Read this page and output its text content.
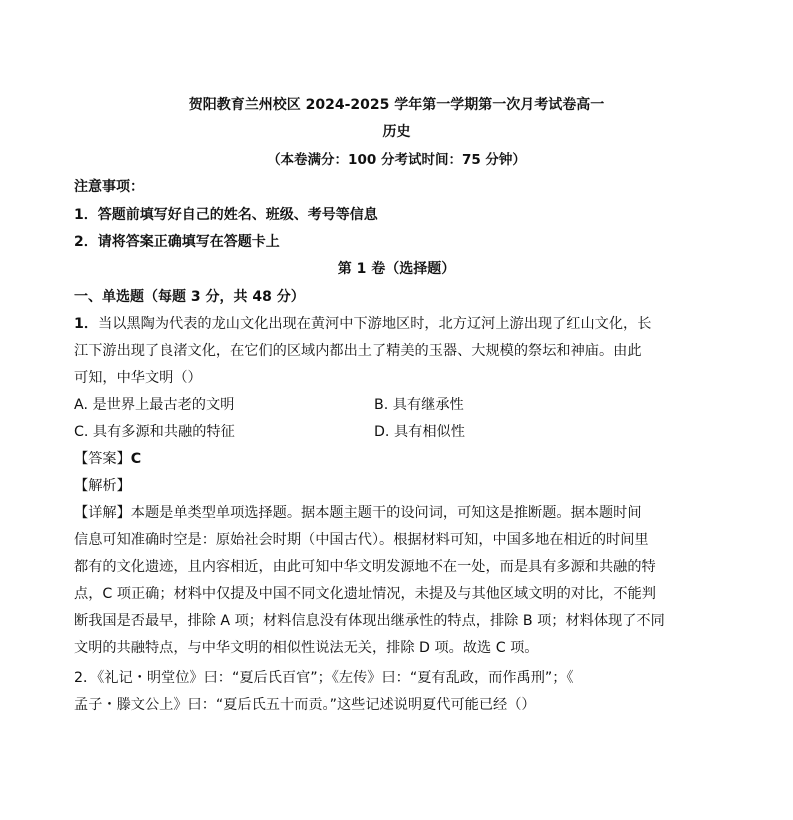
贺阳教育兰州校区 2024-2025 学年第一学期第一次月考试卷高一
历史
（本卷满分：100 分考试时间：75 分钟）
注意事项：
1．答题前填写好自己的姓名、班级、考号等信息
2．请将答案正确填写在答题卡上
第 1 卷（选择题）
一、单选题（每题 3 分，共 48 分）
1．当以黑陶为代表的龙山文化出现在黄河中下游地区时，北方辽河上游出现了红山文化，长
江下游出现了良渚文化，在它们的区域内都出土了精美的玉器、大规模的祭坛和神庙。由此
可知，中华文明（）
A. 是世界上最古老的文明	B. 具有继承性
C. 具有多源和共融的特征	D. 具有相似性
【答案】C
【解析】
【详解】本题是单类型单项选择题。据本题主题干的设问词，可知这是推断题。据本题时间
信息可知准确时空是：原始社会时期（中国古代）。根据材料可知，中国多地在相近的时间里
都有的文化遗迹，且内容相近，由此可知中华文明发源地不在一处，而是具有多源和共融的特
点，C 项正确；材料中仅提及中国不同文化遗址情况，未提及与其他区域文明的对比，不能判
断我国是否最早，排除 A 项；材料信息没有体现出继承性的特点，排除 B 项；材料体现了不同
文明的共融特点，与中华文明的相似性说法无关，排除 D 项。故选 C 项。
2．《礼记・明堂位》曰：“夏后氏百官”；《左传》曰：“夏有乱政，而作禹刑”；《
孟子・滕文公上》曰：“夏后氏五十而贡。”这些记述说明夏代可能已经（）
